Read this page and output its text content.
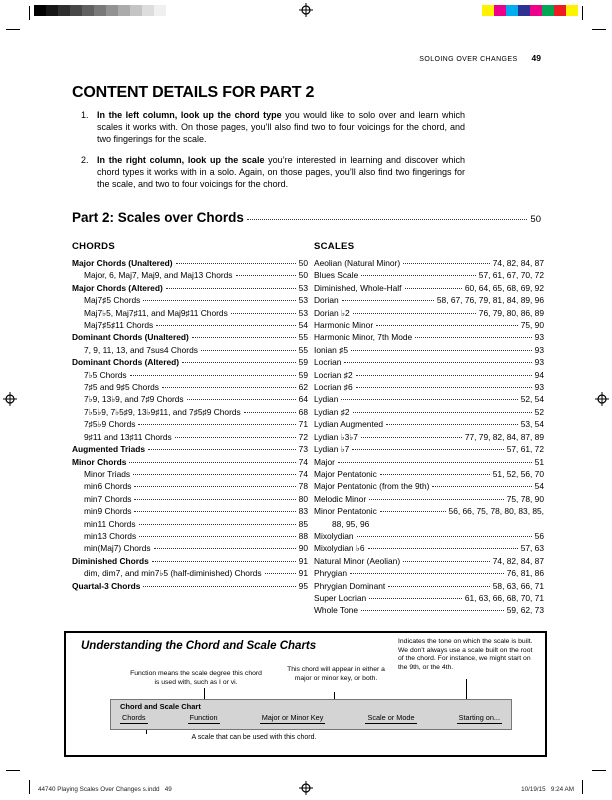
SOLOING OVER CHANGES 49
CONTENT DETAILS FOR PART 2
1. In the left column, look up the chord type you would like to solo over and learn which scales it works with. On those pages, you’ll also find two to four voicings for the chord, and two fingerings for the scale.
2. In the right column, look up the scale you’re interested in learning and discover which chord types it works with in a solo. Again, on those pages, you’ll also find two fingerings for the scale, and two to four voicings for the chord.
Part 2: Scales over Chords	50
CHORDS
Major Chords (Unaltered)	50
Major, 6, Maj7, Maj9, and Maj13 Chords	50
Major Chords (Altered)	53
Maj7♯5 Chords	53
Maj7♭5, Maj7♯11, and Maj9♯11 Chords	53
Maj7♯5♯11 Chords	54
Dominant Chords (Unaltered)	55
7, 9, 11, 13, and 7sus4 Chords	55
Dominant Chords (Altered)	59
7♭5 Chords	59
7♯5 and 9♯5 Chords	62
7♭9, 13♭9, and 7♯9 Chords	64
7♭5♭9, 7♭5♯9, 13♭9♯11, and 7♯5♯9 Chords	68
7♯5♭9 Chords	71
9♯11 and 13♯11 Chords	72
Augmented Triads	73
Minor Chords	74
Minor Triads	74
min6 Chords	78
min7 Chords	80
min9 Chords	83
min11 Chords	85
min13 Chords	88
min(Maj7) Chords	90
Diminished Chords	91
dim, dim7, and min7♭5 (half-diminished) Chords	91
Quartal-3 Chords	95
SCALES
Aeolian (Natural Minor)	74, 82, 84, 87
Blues Scale	57, 61, 67, 70, 72
Diminished, Whole-Half	60, 64, 65, 68, 69, 92
Dorian	58, 67, 76, 79, 81, 84, 89, 96
Dorian ♭2	76, 79, 80, 86, 89
Harmonic Minor	75, 90
Harmonic Minor, 7th Mode	93
Ionian ♯5	93
Locrian	93
Locrian ♯2	94
Locrian ♯6	93
Lydian	52, 54
Lydian ♯2	52
Lydian Augmented	53, 54
Lydian ♭3♭7	77, 79, 82, 84, 87, 89
Lydian ♭7	57, 61, 72
Major	51
Major Pentatonic	51, 52, 56, 70
Major Pentatonic (from the 9th)	54
Melodic Minor	75, 78, 90
Minor Pentatonic	56, 66, 75, 78, 80, 83, 85,
88, 95, 96
Mixolydian	56
Mixolydian ♭6	57, 63
Natural Minor (Aeolian)	74, 82, 84, 87
Phrygian	76, 81, 86
Phrygian Dominant	58, 63, 66, 71
Super Locrian	61, 63, 66, 68, 70, 71
Whole Tone	59, 62, 73
Understanding the Chord and Scale Charts	Indicates the tone on which the scale is built. We don’t always use a scale built on the root of the chord. For instance, we might start on the 9th, or the 4th.
Function means the scale degree this chord is used with, such as I or vi.
This chord will appear in either a major or minor key, or both.
Chord and Scale Chart
Chords	Function	Major or Minor Key	Scale or Mode	Starting on...
A scale that can be used with this chord.
44740 Playing Scales Over Changes s.indd   49	10/19/15   9:24 AM
